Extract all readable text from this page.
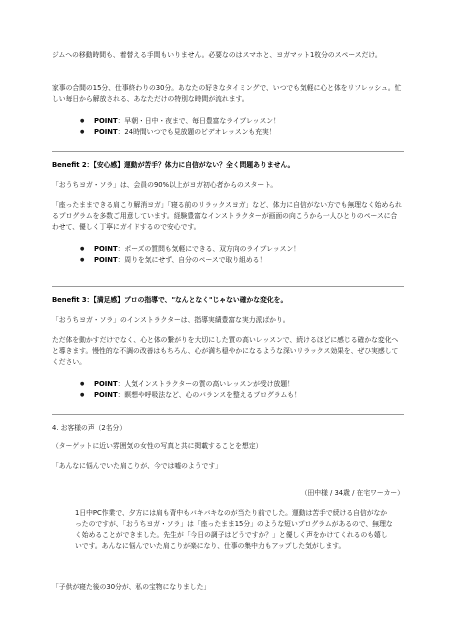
ジムへの移動時間も、着替える手間もいりません。必要なのはスマホと、ヨガマット1枚分のスペースだけ。

家事の合間の15分、仕事終わりの30分。あなたの好きなタイミングで、いつでも気軽に心と体をリフレッシュ。忙しい毎日から解放される、あなただけの特別な時間が流れます。

● POINT：早朝・日中・夜まで、毎日豊富なライブレッスン！
● POINT：24時間いつでも見放題のビデオレッスンも充実！

Benefit 2：【安心感】運動が苦手？体力に自信がない？全く問題ありません。

「おうちヨガ・ソラ」は、会員の90%以上がヨガ初心者からのスタート。

「座ったままできる肩こり解消ヨガ」「寝る前のリラックスヨガ」など、体力に自信がない方でも無理なく始められるプログラムを多数ご用意しています。経験豊富なインストラクターが画面の向こうから一人ひとりのペースに合わせて、優しく丁寧にガイドするので安心です。

● POINT：ポーズの質問も気軽にできる、双方向のライブレッスン！
● POINT：周りを気にせず、自分のペースで取り組める！

Benefit 3：【満足感】プロの指導で、"なんとなく"じゃない確かな変化を。

「おうちヨガ・ソラ」のインストラクターは、指導実績豊富な実力派ばかり。

ただ体を動かすだけでなく、心と体の繋がりを大切にした質の高いレッスンで、続けるほどに感じる確かな変化へと導きます。慢性的な不調の改善はもちろん、心が満ち穏やかになるような深いリラックス効果を、ぜひ実感してください。

● POINT：人気インストラクターの質の高いレッスンが受け放題！
● POINT：瞑想や呼吸法など、心のバランスを整えるプログラムも！

4. お客様の声（2名分）

（ターゲットに近い雰囲気の女性の写真と共に掲載することを想定）

「あんなに悩んでいた肩こりが、今では嘘のようです」

（田中様 / 34歳 / 在宅ワーカー）

1日中PC作業で、夕方には肩も背中もバキバキなのが当たり前でした。運動は苦手で続ける自信がなかったのですが、「おうちヨガ・ソラ」は「座ったまま15分」のような短いプログラムがあるので、無理なく始めることができました。先生が「今日の調子はどうですか？」と優しく声をかけてくれるのも嬉しいです。あんなに悩んでいた肩こりが楽になり、仕事の集中力もアップした気がします。

「子供が寝た後の30分が、私の宝物になりました」
